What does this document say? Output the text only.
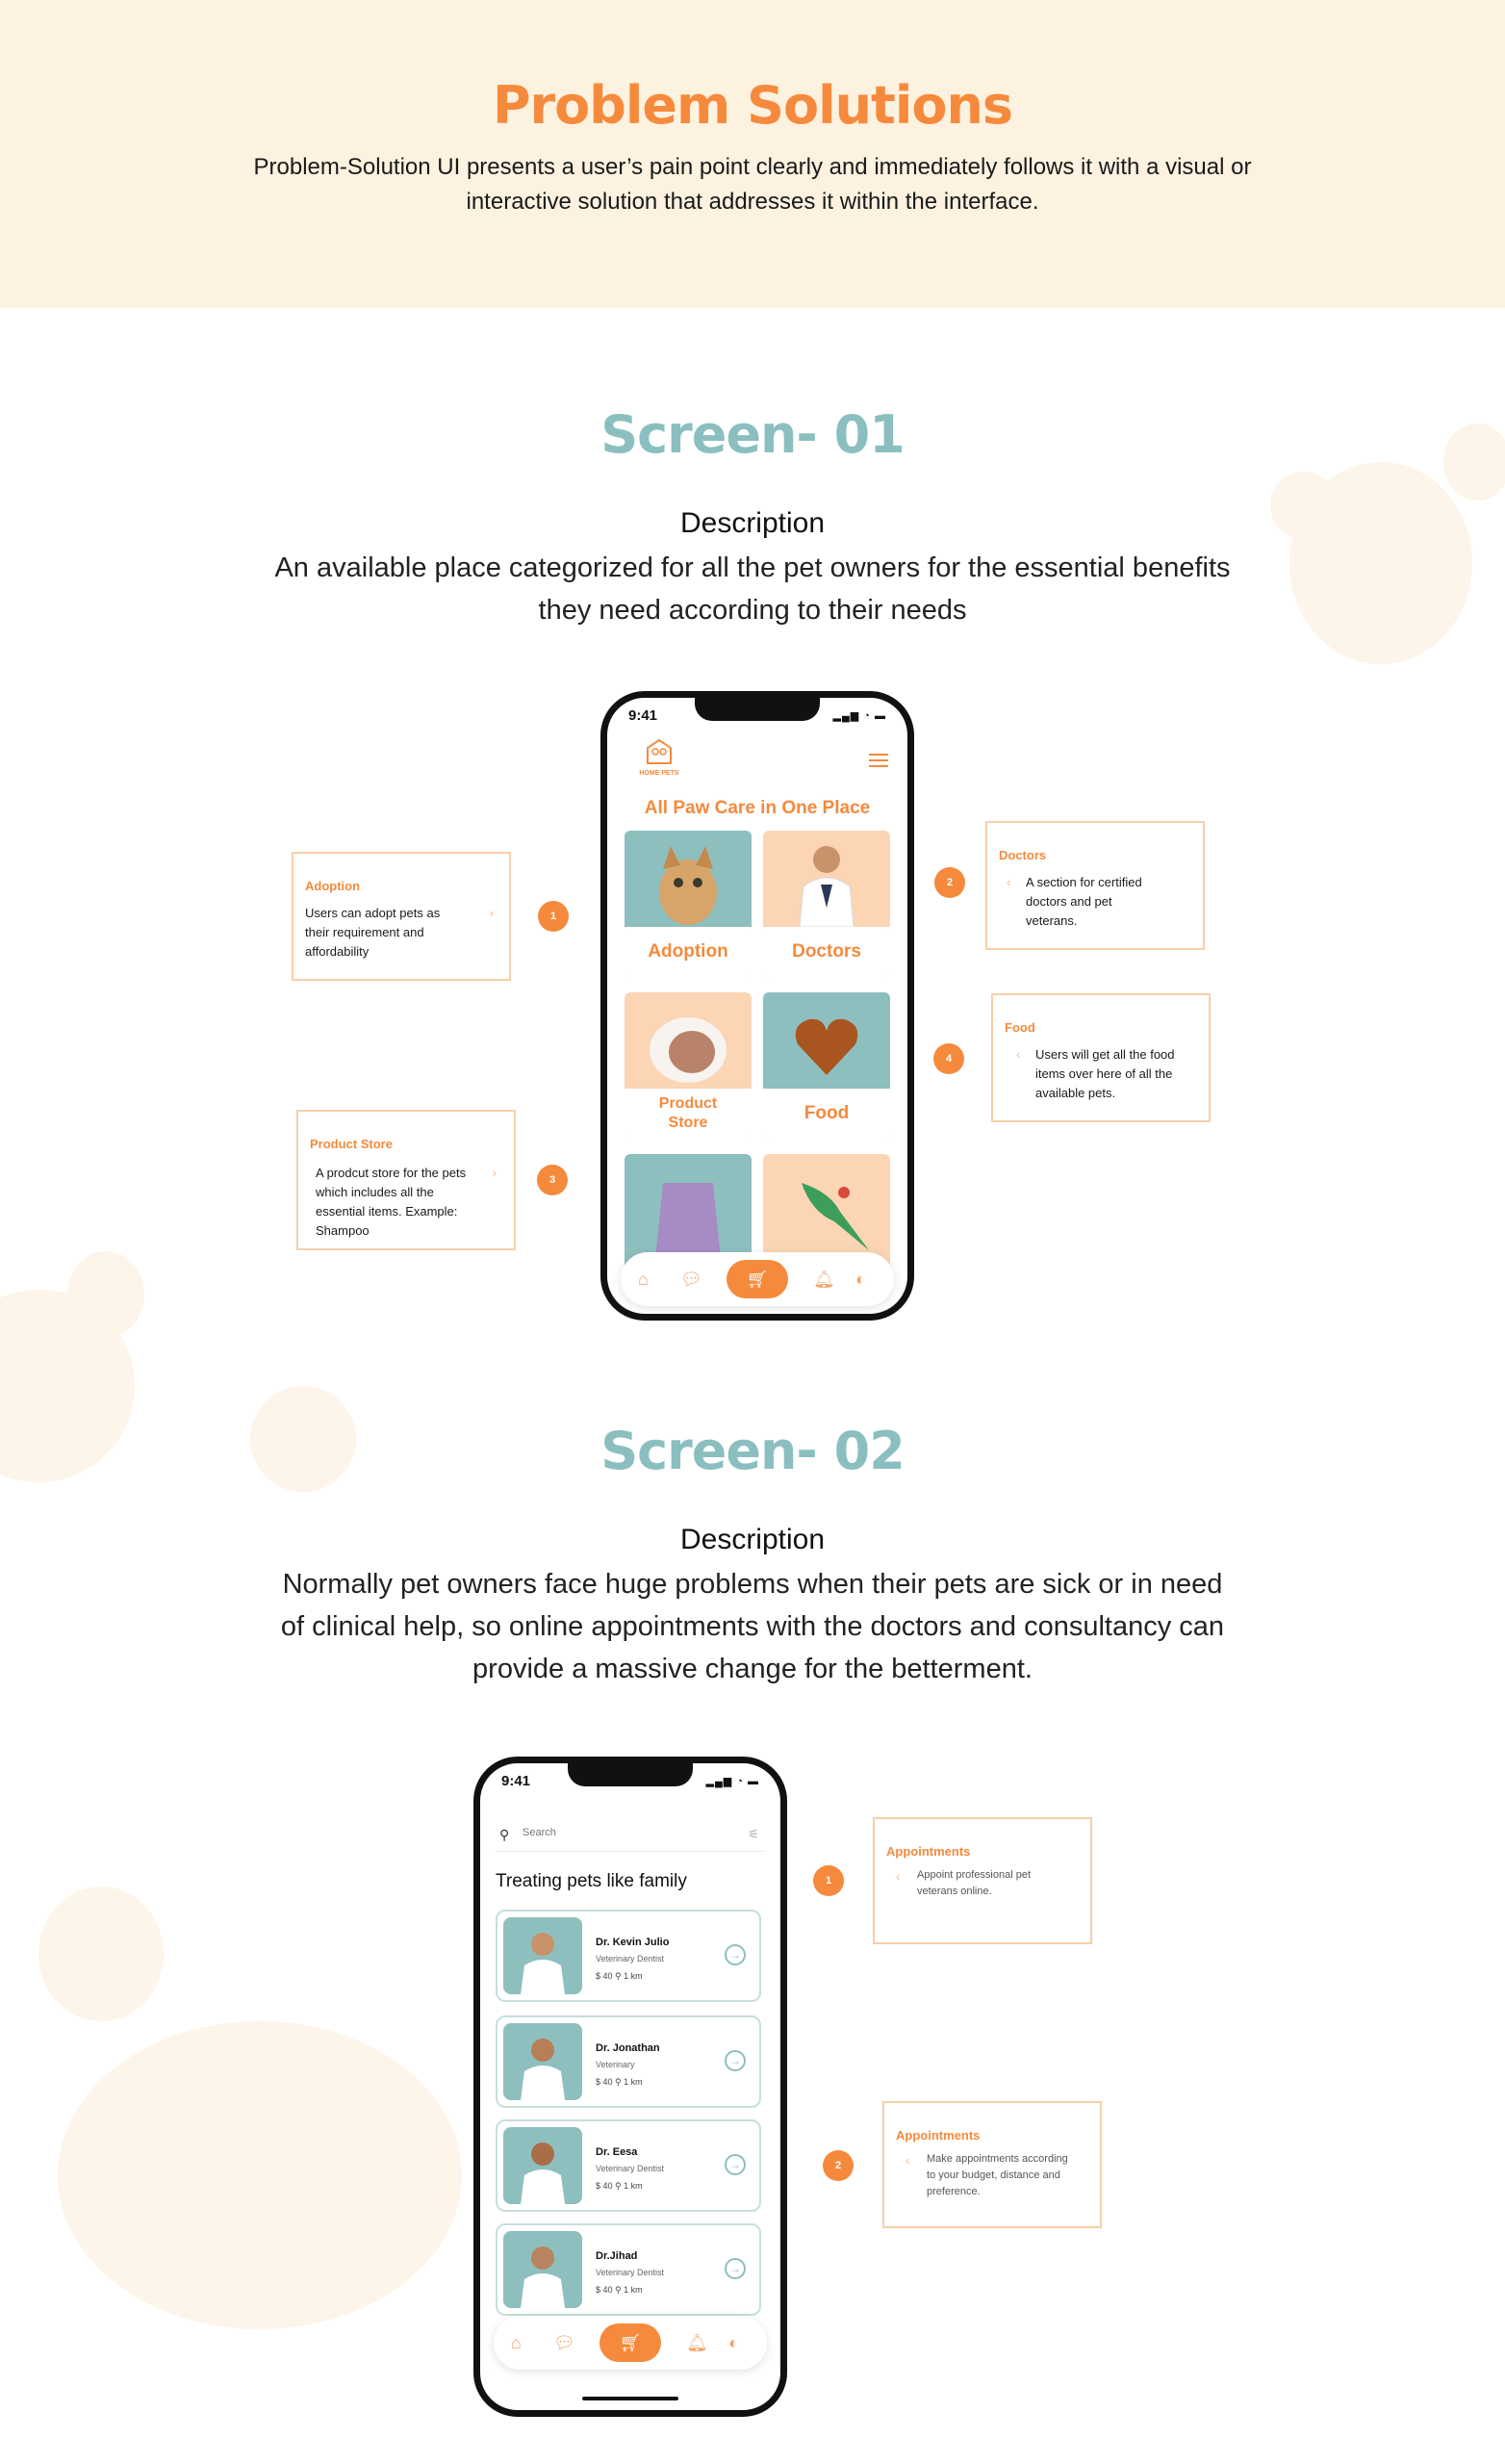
Problem Solutions
Problem-Solution UI presents a user’s pain point clearly and immediately follows it with a visual or interactive solution that addresses it within the interface.
Screen- 01
Description
An available place categorized for all the pet owners for the essential benefits they need according to their needs
9:41	▂▄▆ ◔ ▬
HOME PETS
All Paw Care in One Place
Adoption	Doctors
Product Store	Food
⌂ 💬︎	🛒︎	🔔︎ ◐
Adoption
Users can adopt pets as their requirement and affordability
›	1
Doctors
‹ A section for certified doctors and pet veterans.
2
Product Store
A prodcut store for the pets which includes all the essential items. Example: Shampoo
›	3
Food
‹ Users will get all the food items over here of all the available pets.
4
Screen- 02
Description
Normally pet owners face huge problems when their pets are sick or in need of clinical help, so online appointments with the doctors and consultancy can provide a massive change for the betterment.
9:41	▂▄▆ ◔ ▬
⚲
Search	⚟
Treating pets like family
Dr. Kevin Julio
Veterinary Dentist
$ 40 ⚲ 1 km
→
Dr. Jonathan
Veterinary
$ 40 ⚲ 1 km
→
Dr. Eesa
Veterinary Dentist
$ 40 ⚲ 1 km
→
Dr.Jihad
Veterinary Dentist
$ 40 ⚲ 1 km
→
⌂ 💬︎	🛒︎	🔔︎ ◐
Appointments
‹ Appoint professional pet veterans online.
1
Appointments
‹ Make appointments according to your budget, distance and preference.
2
